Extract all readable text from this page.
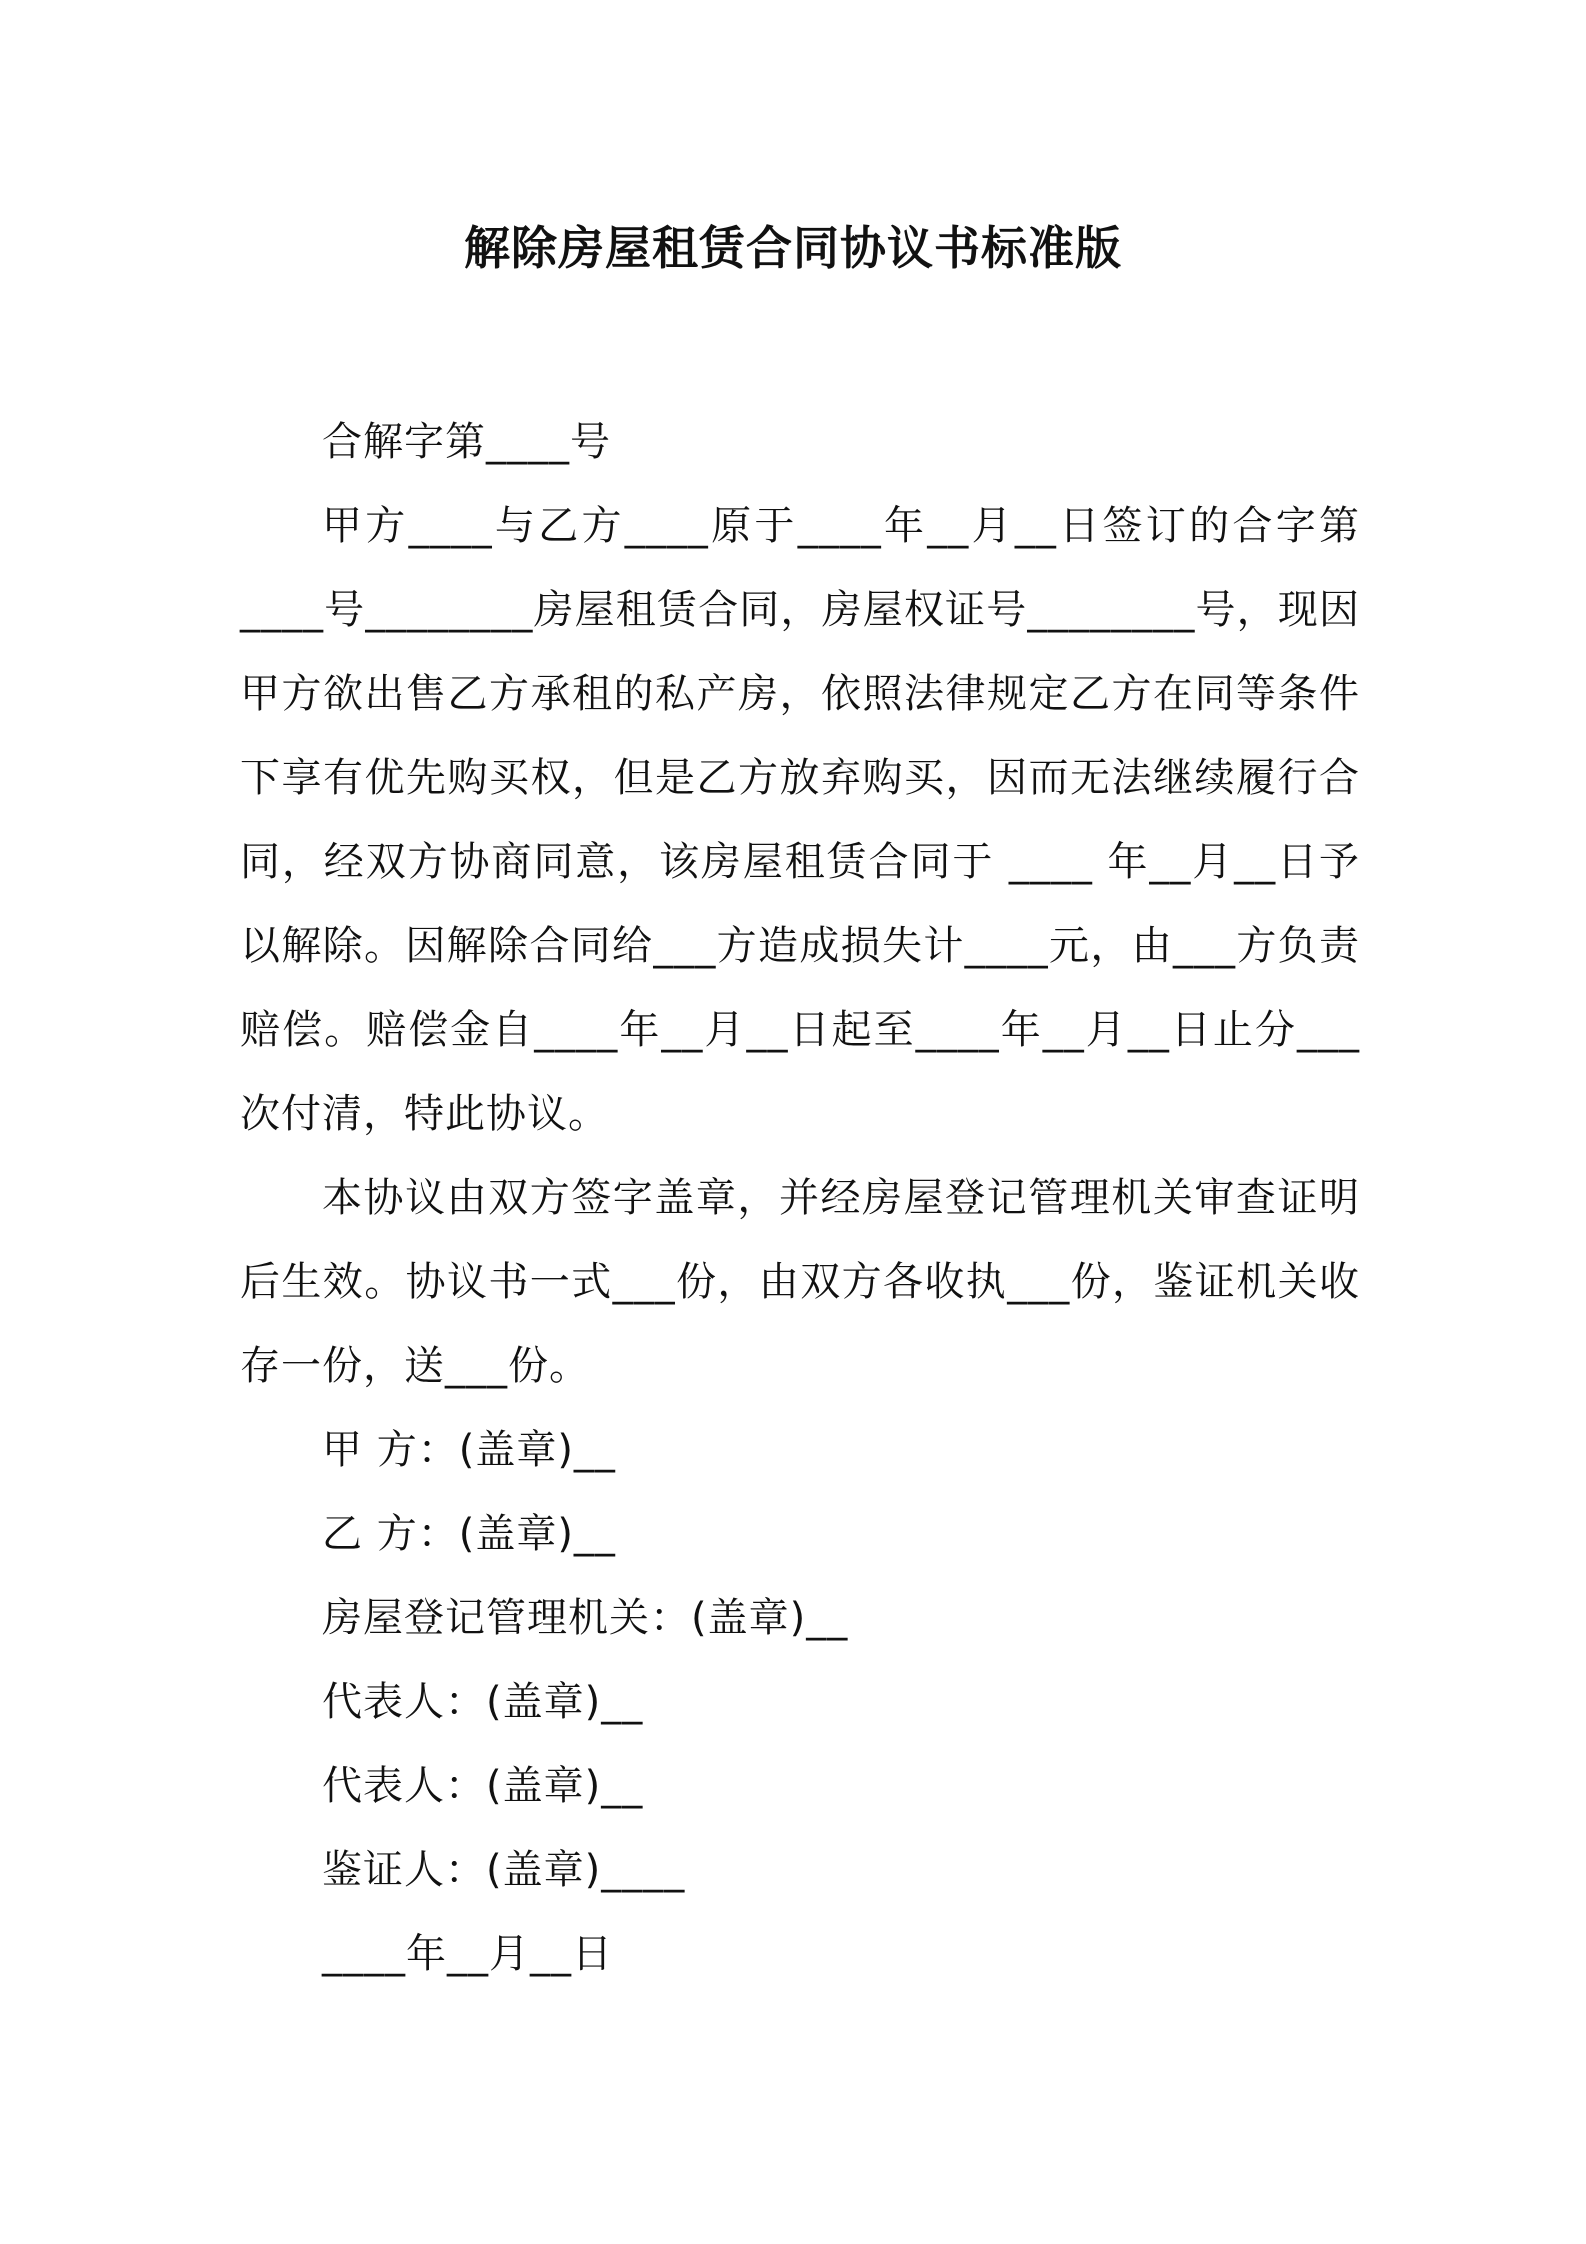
解除房屋租赁合同协议书标准版

合解字第____号

甲方____与乙方____原于____年__月__日签订的合字第____号________房屋租赁合同，房屋权证号________号，现因甲方欲出售乙方承租的私产房，依照法律规定乙方在同等条件下享有优先购买权，但是乙方放弃购买，因而无法继续履行合同，经双方协商同意，该房屋租赁合同于 ____ 年__月__日予以解除。因解除合同给___方造成损失计____元，由___方负责赔偿。赔偿金自____年__月__日起至____年__月__日止分___次付清，特此协议。

本协议由双方签字盖章，并经房屋登记管理机关审查证明后生效。协议书一式___份，由双方各收执___份，鉴证机关收存一份，送___份。

甲 方：(盖章)__

乙 方：(盖章)__

房屋登记管理机关：(盖章)__

代表人：(盖章)__

代表人：(盖章)__

鉴证人：(盖章)____

____年__月__日
